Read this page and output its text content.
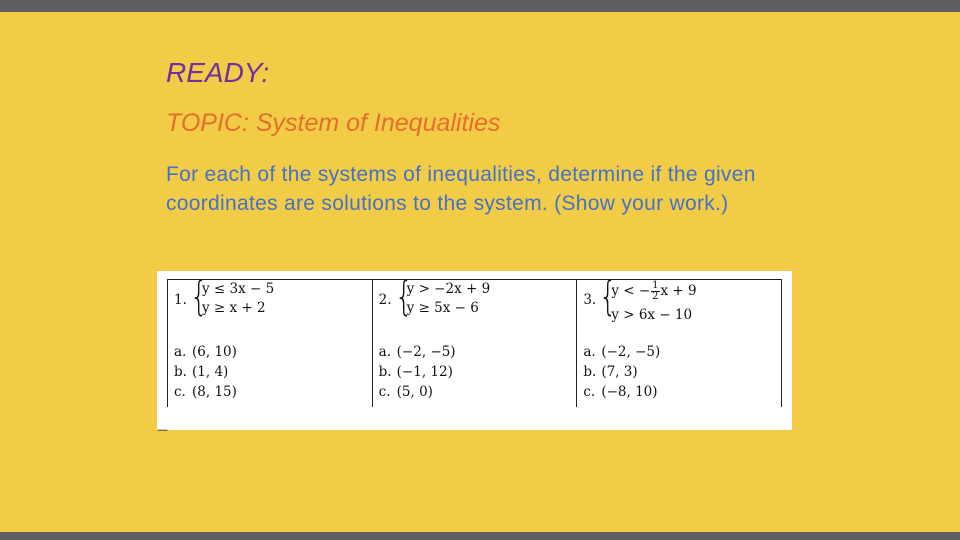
READY:
TOPIC: System of Inequalities
For each of the systems of inequalities, determine if the given coordinates are solutions to the system. (Show your work.)
1. {
y ≤ 3x − 5
y ≥ x + 2
a. (6, 10)
b. (1, 4)
c. (8, 15)

2. {
y > −2x + 9
y ≥ 5x − 6
a. (−2, −5)
b. (−1, 12)
c. (5, 0)

3. {
y < − $\frac{1}{2}$ x + 9
y > 6x − 10
a. (−2, −5)
b. (7, 3)
c. (−8, 10)
—
